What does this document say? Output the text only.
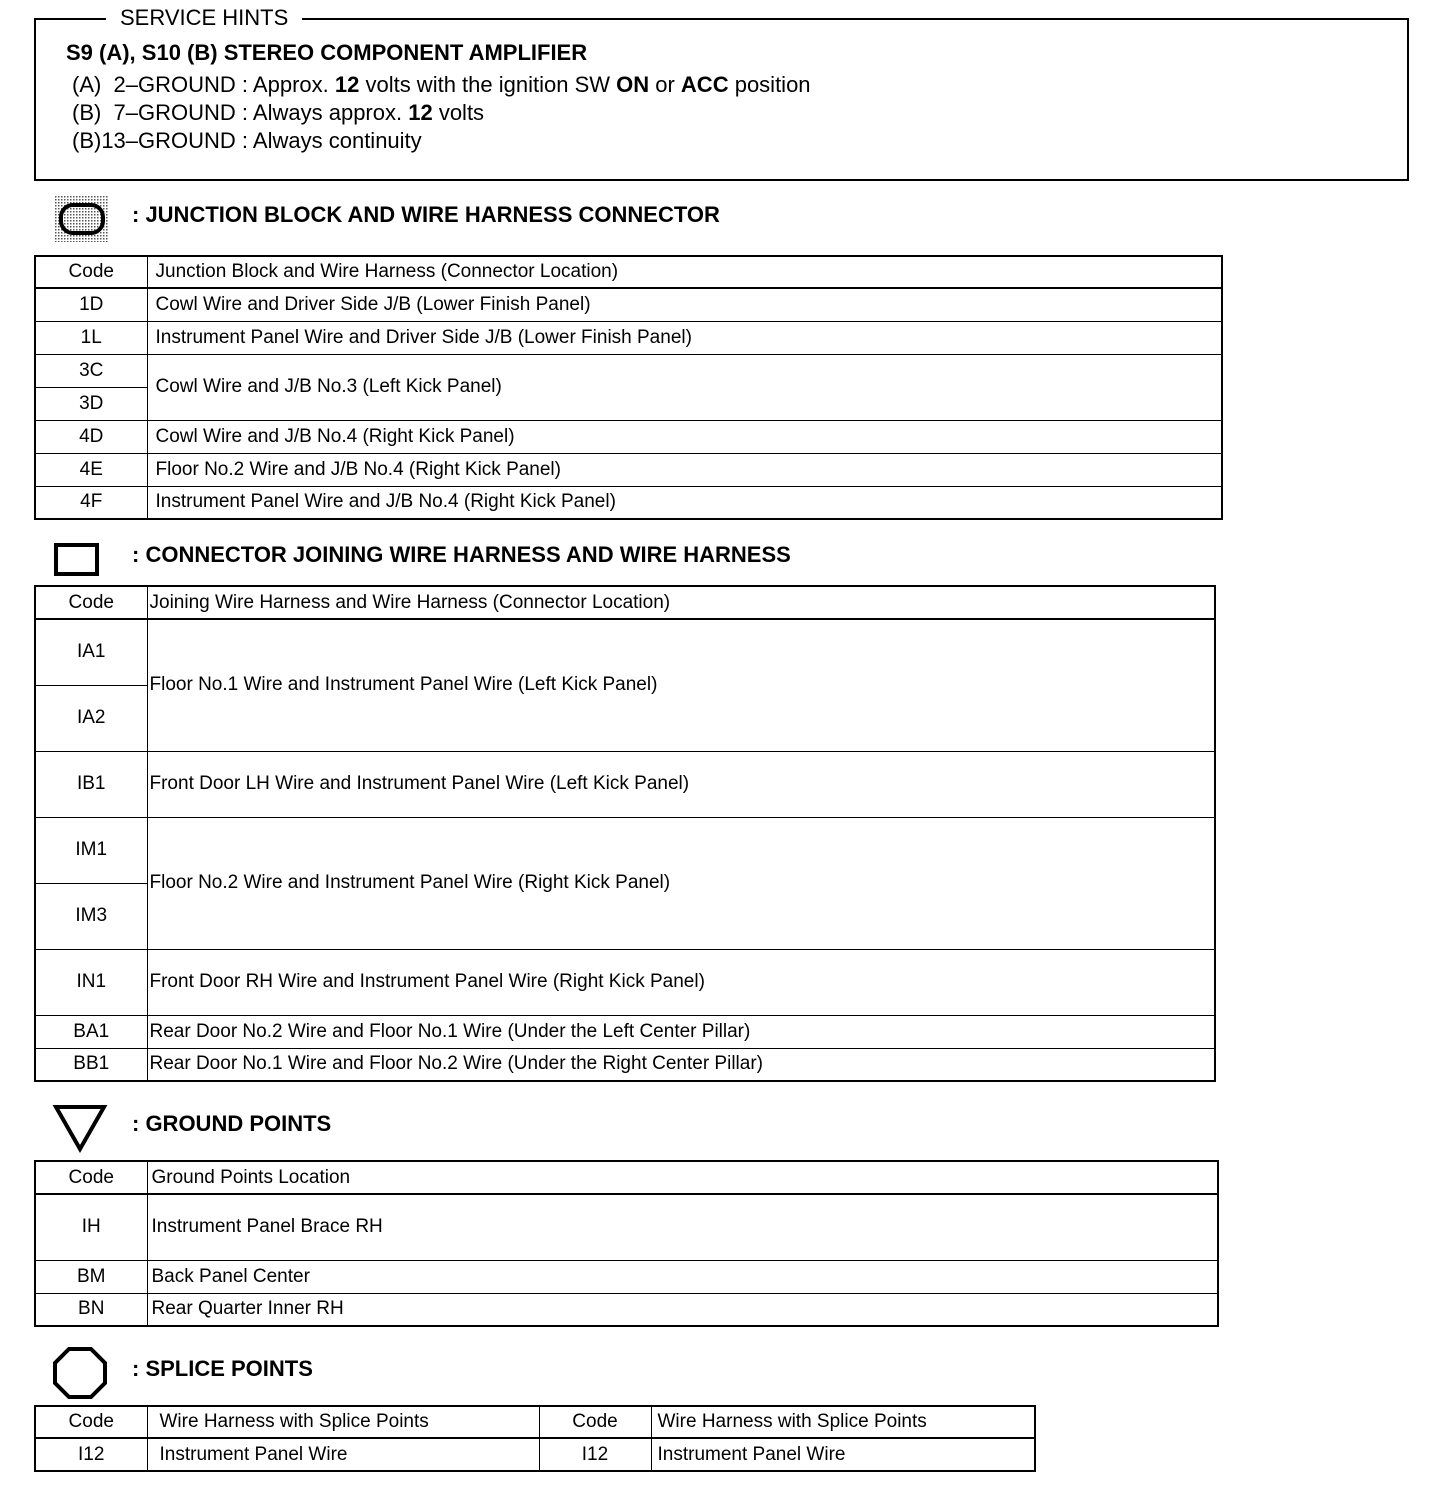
SERVICE HINTS
S9 (A), S10 (B) STEREO COMPONENT AMPLIFIER
(A)  2–GROUND : Approx. 12 volts with the ignition SW ON or ACC position
(B)  7–GROUND : Always approx. 12 volts
(B)13–GROUND : Always continuity
: JUNCTION BLOCK AND WIRE HARNESS CONNECTOR
Code	Junction Block and Wire Harness (Connector Location)
1D	Cowl Wire and Driver Side J/B (Lower Finish Panel)
1L	Instrument Panel Wire and Driver Side J/B (Lower Finish Panel)
3C	Cowl Wire and J/B No.3 (Left Kick Panel)
3D	
4D	Cowl Wire and J/B No.4 (Right Kick Panel)
4E	Floor No.2 Wire and J/B No.4 (Right Kick Panel)
4F	Instrument Panel Wire and J/B No.4 (Right Kick Panel)
: CONNECTOR JOINING WIRE HARNESS AND WIRE HARNESS
Code	Joining Wire Harness and Wire Harness (Connector Location)
IA1	Floor No.1 Wire and Instrument Panel Wire (Left Kick Panel)
IA2	
IB1	Front Door LH Wire and Instrument Panel Wire (Left Kick Panel)
IM1	Floor No.2 Wire and Instrument Panel Wire (Right Kick Panel)
IM3	
IN1	Front Door RH Wire and Instrument Panel Wire (Right Kick Panel)
BA1	Rear Door No.2 Wire and Floor No.1 Wire (Under the Left Center Pillar)
BB1	Rear Door No.1 Wire and Floor No.2 Wire (Under the Right Center Pillar)
: GROUND POINTS
Code	Ground Points Location
IH	Instrument Panel Brace RH
BM	Back Panel Center
BN	Rear Quarter Inner RH
: SPLICE POINTS
Code	Wire Harness with Splice Points	Code	Wire Harness with Splice Points
I12	Instrument Panel Wire	I12	Instrument Panel Wire
